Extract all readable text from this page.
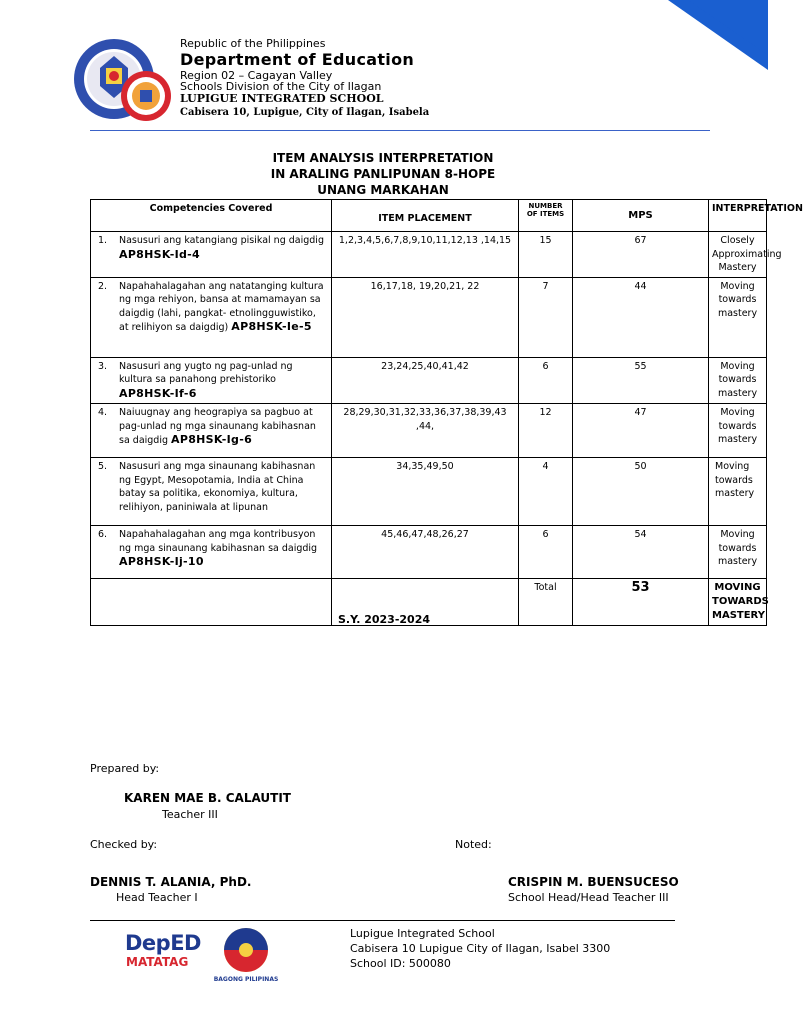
Republic of the Philippines
Department of Education
Region 02 – Cagayan Valley
Schools Division of the City of Ilagan
LUPIGUE INTEGRATED SCHOOL
Cabisera 10, Lupigue, City of Ilagan, Isabela
ITEM ANALYSIS INTERPRETATION
IN ARALING PANLIPUNAN 8-HOPE
UNANG MARKAHAN
Competencies Covered	ITEM PLACEMENT	NUMBER OF ITEMS	MPS	INTERPRETATION

1. Nasusuri ang katangiang pisikal ng daigdig AP8HSK-Id-4	1,2,3,4,5,6,7,8,9,10,11,12,13 ,14,15	15	67	Closely Approximating Mastery

2. Napahahalagahan ang natatanging kultura ng mga rehiyon, bansa at mamamayan sa daigdig (lahi, pangkat- etnolingguwistiko, at relihiyon sa daigdig) AP8HSK-Ie-5	16,17,18, 19,20,21, 22	7	44	Moving towards mastery

3. Nasusuri ang yugto ng pag-unlad ng kultura sa panahong prehistoriko AP8HSK-If-6	23,24,25,40,41,42	6	55	Moving towards mastery

4. Naiuugnay ang heograpiya sa pagbuo at pag-unlad ng mga sinaunang kabihasnan sa daigdig AP8HSK-Ig-6	28,29,30,31,32,33,36,37,38,39,43 ,44,	12	47	Moving towards mastery

5. Nasusuri ang mga sinaunang kabihasnan ng Egypt, Mesopotamia, India at China batay sa politika, ekonomiya, kultura, relihiyon, paniniwala at lipunan	34,35,49,50	4	50	Moving towards mastery

6. Napahahalagahan ang mga kontribusyon ng mga sinaunang kabihasnan sa daigdig AP8HSK-Ij-10	45,46,47,48,26,27	6	54	Moving towards mastery
		Total	53	MOVING TOWARDS MASTERY
S.Y. 2023-2024
Prepared by:
KAREN MAE B. CALAUTIT
Teacher III
Checked by:	Noted:
DENNIS T. ALANIA, PhD.
Head Teacher I
CRISPIN M. BUENSUCESO
School Head/Head Teacher III
DepED
MATATAG
BAGONG PILIPINAS
Lupigue Integrated School
Cabisera 10 Lupigue City of Ilagan, Isabel 3300
School ID: 500080
